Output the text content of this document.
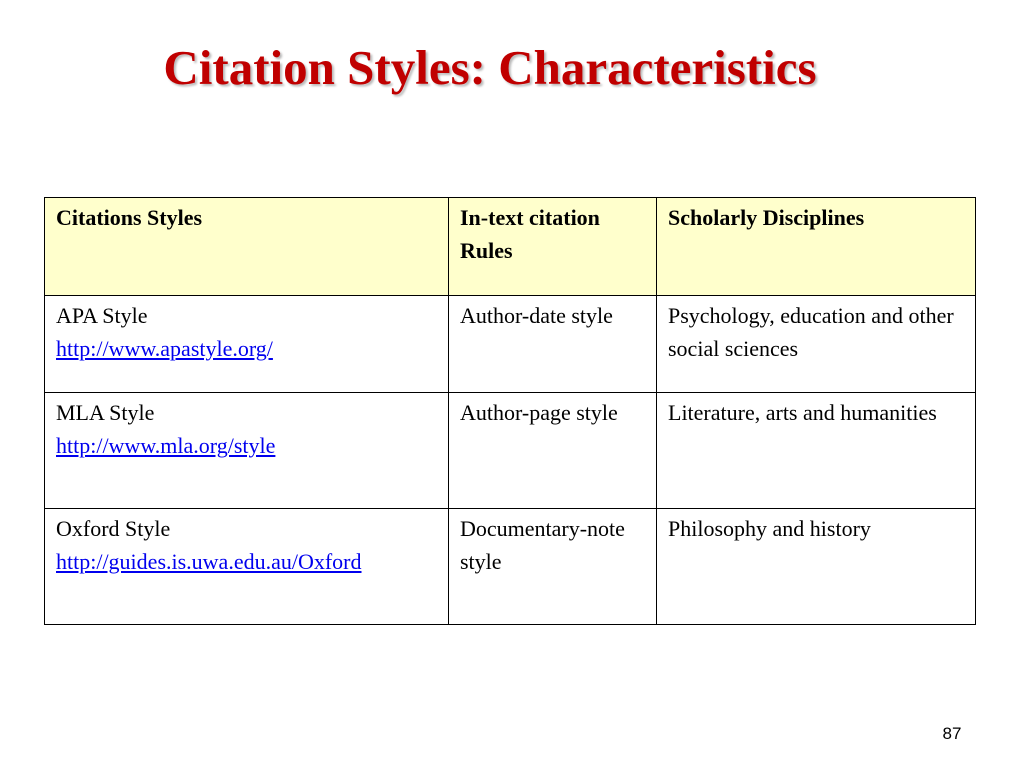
Citation Styles: Characteristics
Citations Styles	In-text citation Rules	Scholarly Disciplines

APA Style
http://www.apastyle.org/	Author-date style	Psychology, education and other social sciences

MLA Style
http://www.mla.org/style	Author-page style	Literature, arts and humanities

Oxford Style
http://guides.is.uwa.edu.au/Oxford	Documentary-note style	Philosophy and history
87
